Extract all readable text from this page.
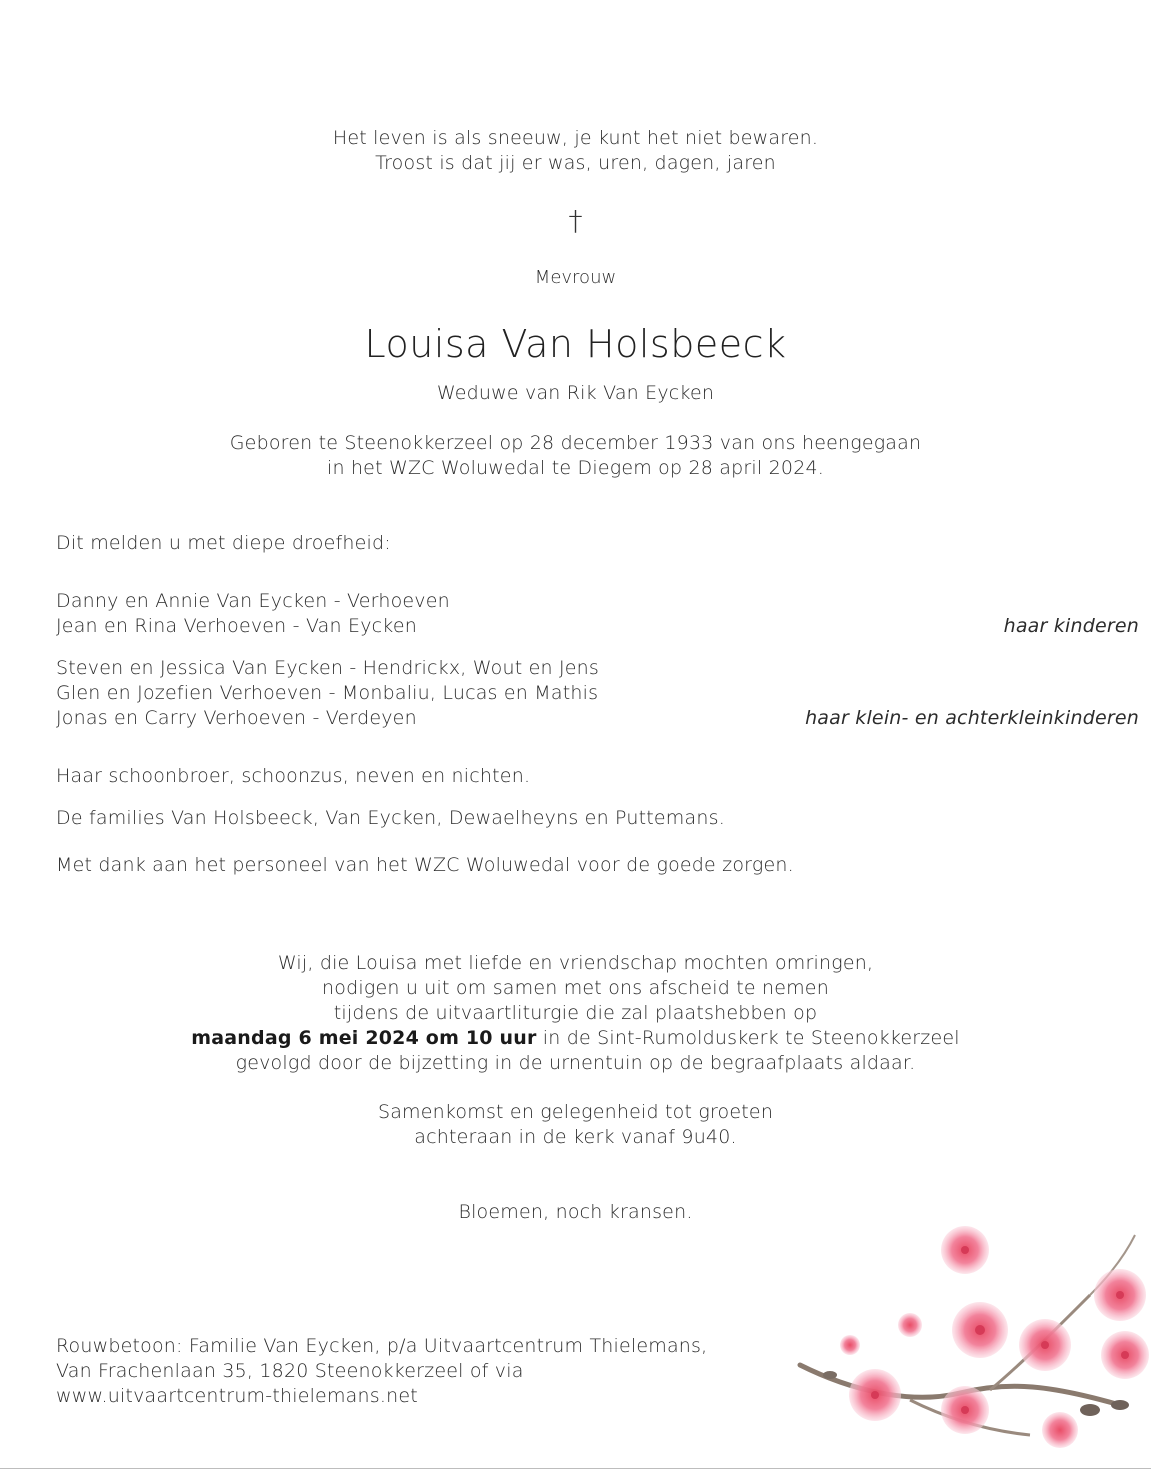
Het leven is als sneeuw, je kunt het niet bewaren.
Troost is dat jij er was, uren, dagen, jaren
†
Mevrouw
Louisa Van Holsbeeck
Weduwe van Rik Van Eycken
Geboren te Steenokkerzeel op 28 december 1933 van ons heengegaan
in het WZC Woluwedal te Diegem op 28 april 2024.
Dit melden u met diepe droefheid:
Danny en Annie Van Eycken - Verhoeven
Jean en Rina Verhoeven - Van Eycken	haar kinderen
Steven en Jessica Van Eycken - Hendrickx, Wout en Jens
Glen en Jozefien Verhoeven - Monbaliu, Lucas en Mathis
Jonas en Carry Verhoeven - Verdeyen	haar klein- en achterkleinkinderen
Haar schoonbroer, schoonzus, neven en nichten.
De families Van Holsbeeck, Van Eycken, Dewaelheyns en Puttemans.
Met dank aan het personeel van het WZC Woluwedal voor de goede zorgen.
Wij, die Louisa met liefde en vriendschap mochten omringen,
nodigen u uit om samen met ons afscheid te nemen
tijdens de uitvaartliturgie die zal plaatshebben op
maandag 6 mei 2024 om 10 uur in de Sint-Rumolduskerk te Steenokkerzeel
gevolgd door de bijzetting in de urnentuin op de begraafplaats aldaar.
Samenkomst en gelegenheid tot groeten
achteraan in de kerk vanaf 9u40.
Bloemen, noch kransen.
Rouwbetoon: Familie Van Eycken, p/a Uitvaartcentrum Thielemans,
Van Frachenlaan 35, 1820 Steenokkerzeel of via
www.uitvaartcentrum-thielemans.net
